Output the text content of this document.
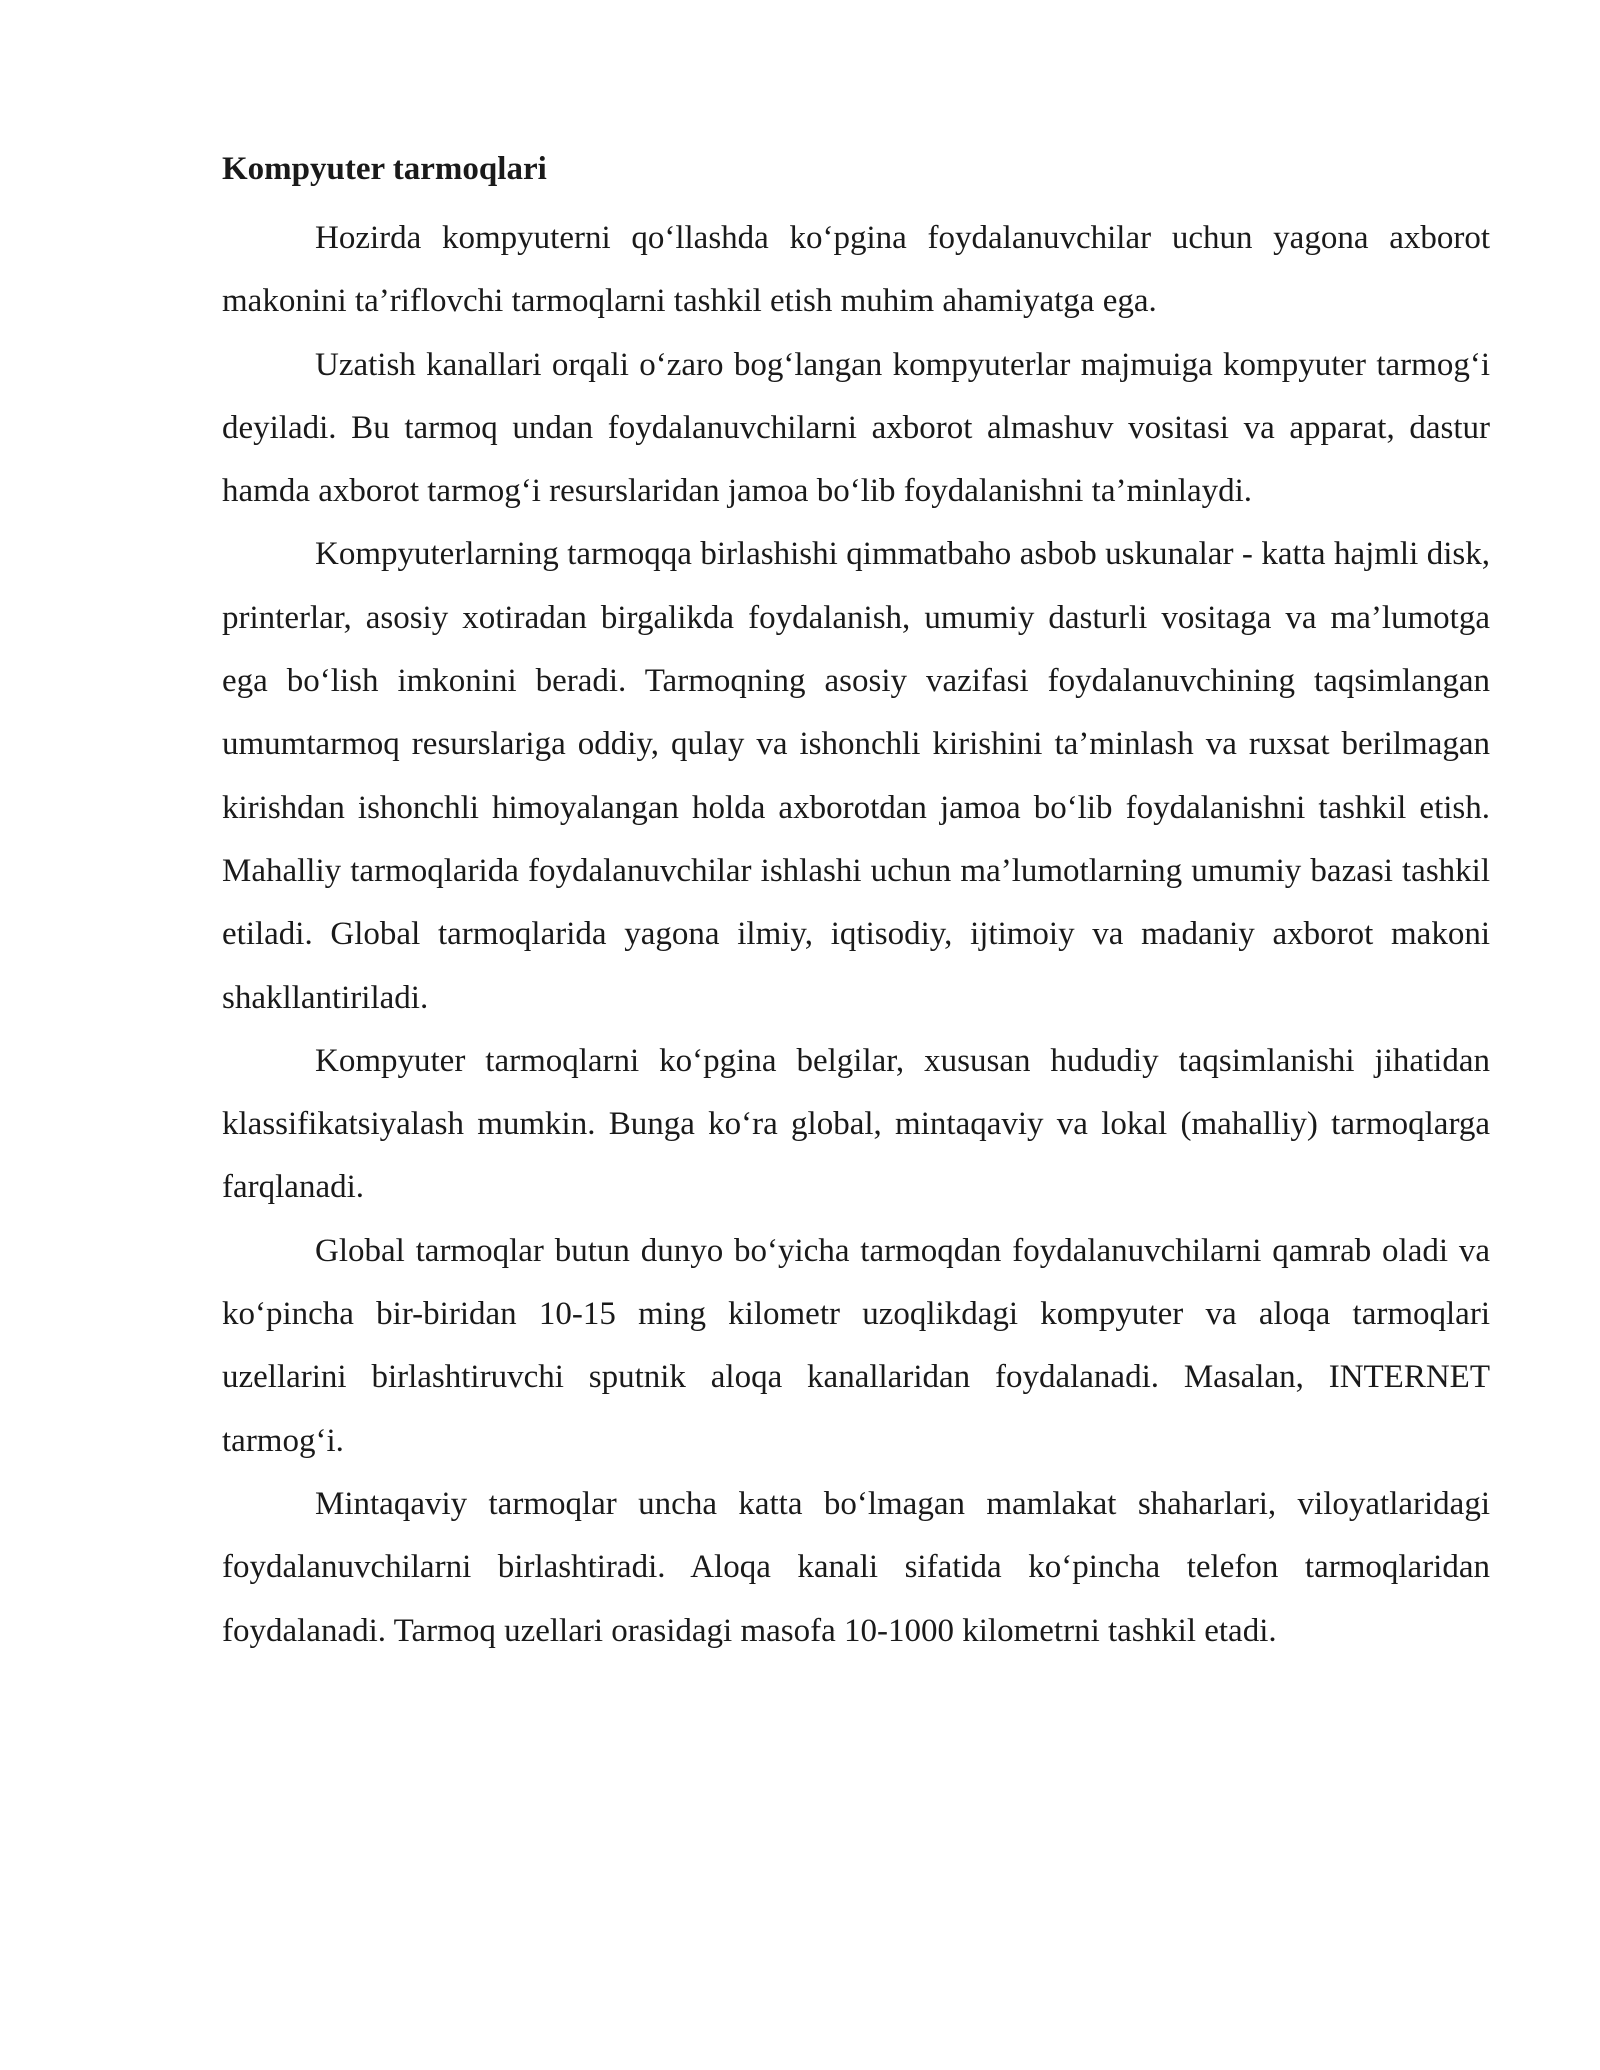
Kompyuter tarmoqlari

Hozirda kompyuterni qo‘llashda ko‘pgina foydalanuvchilar uchun yagona axborot makonini ta’riflovchi tarmoqlarni tashkil etish muhim ahamiyatga ega.

Uzatish kanallari orqali o‘zaro bog‘langan kompyuterlar majmuiga kompyuter tarmog‘i deyiladi. Bu tarmoq undan foydalanuvchilarni axborot almashuv vositasi va apparat, dastur hamda axborot tarmog‘i resurslaridan jamoa bo‘lib foydalanishni ta’minlaydi.

Kompyuterlarning tarmoqqa birlashishi qimmatbaho asbob uskunalar - katta hajmli disk, printerlar, asosiy xotiradan birgalikda foydalanish, umumiy dasturli vositaga va ma’lumotga ega bo‘lish imkonini beradi. Tarmoqning asosiy vazifasi foydalanuvchining taqsimlangan umumtarmoq resurslariga oddiy, qulay va ishonchli kirishini ta’minlash va ruxsat berilmagan kirishdan ishonchli himoyalangan holda axborotdan jamoa bo‘lib foydalanishni tashkil etish. Mahalliy tarmoqlarida foydalanuvchilar ishlashi uchun ma’lumotlarning umumiy bazasi tashkil etiladi. Global tarmoqlarida yagona ilmiy, iqtisodiy, ijtimoiy va madaniy axborot makoni shakllantiriladi.

Kompyuter tarmoqlarni ko‘pgina belgilar, xususan hududiy taqsimlanishi jihatidan klassifikatsiyalash mumkin. Bunga ko‘ra global, mintaqaviy va lokal (mahalliy) tarmoqlarga farqlanadi.

Global tarmoqlar butun dunyo bo‘yicha tarmoqdan foydalanuvchilarni qamrab oladi va ko‘pincha bir-biridan 10-15 ming kilometr uzoqlikdagi kompyuter va aloqa tarmoqlari uzellarini birlashtiruvchi sputnik aloqa kanallaridan foydalanadi. Masalan, INTERNET tarmog‘i.

Mintaqaviy tarmoqlar uncha katta bo‘lmagan mamlakat shaharlari, viloyatlaridagi foydalanuvchilarni birlashtiradi. Aloqa kanali sifatida ko‘pincha telefon tarmoqlaridan foydalanadi. Tarmoq uzellari orasidagi masofa 10-1000 kilometrni tashkil etadi.
